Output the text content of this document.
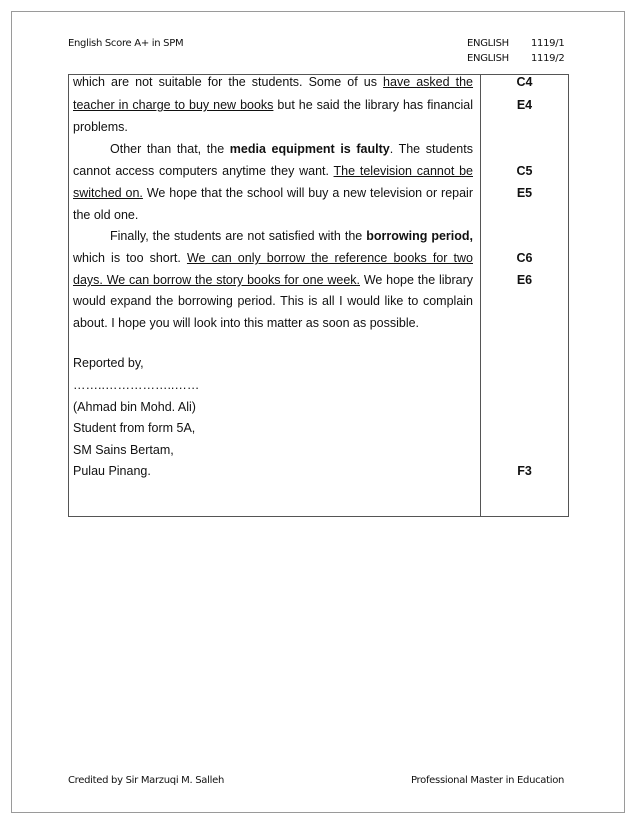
English Score A+ in SPM	ENGLISH 1119/1
ENGLISH 1119/2
which are not suitable for the students. Some of us have asked the
teacher in charge to buy new books but he said the library has financial
problems.
Other than that, the media equipment is faulty. The students
cannot access computers anytime they want. The television cannot be
switched on. We hope that the school will buy a new television or repair
the old one.
Finally, the students are not satisfied with the borrowing period,
which is too short. We can only borrow the reference books for two
days. We can borrow the story books for one week. We hope the library
would expand the borrowing period. This is all I would like to complain
about. I hope you will look into this matter as soon as possible.
Reported by,
……..……………..……
(Ahmad bin Mohd. Ali)
Student from form 5A,
SM Sains Bertam,
Pulau Pinang.
C4
E4
C5
E5
C6
E6
F3
Credited by Sir Marzuqi M. Salleh	Professional Master in Education
